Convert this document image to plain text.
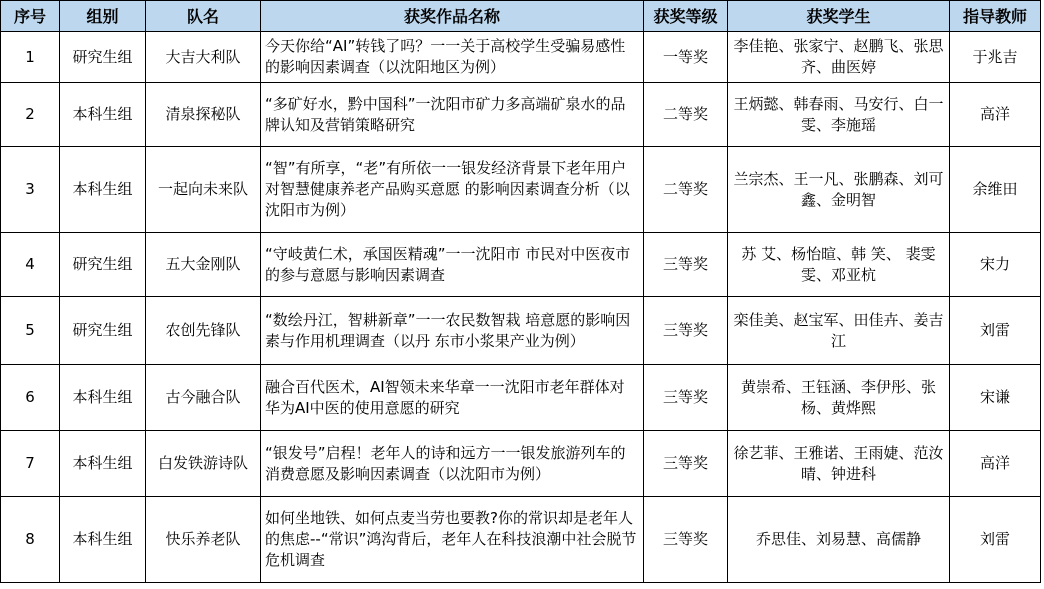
序号	组别	队名	获奖作品名称	获奖等级	获奖学生	指导教师
1	研究生组	大吉大利队	今天你给“AI”转钱了吗？一一关于高校学生受骗易感性的影响因素调查（以沈阳地区为例）	一等奖	李佳艳、张家宁、赵鹏飞、张思齐、曲医婷	于兆吉
2	本科生组	清泉探秘队	“多矿好水，黔中国科”一沈阳市矿力多高端矿泉水的品牌认知及营销策略研究	二等奖	王炳懿、韩春雨、马安行、白一雯、李施瑶	高洋
3	本科生组	一起向未来队	“智”有所享，“老”有所依一一银发经济背景下老年用户对智慧健康养老产品购买意愿 的影响因素调查分析（以沈阳市为例）	二等奖	兰宗杰、王一凡、张鹏森、刘可鑫、金明智	余维田
4	研究生组	五大金刚队	“守岐黄仁术，承国医精魂”一一沈阳市 市民对中医夜市的参与意愿与影响因素调查	三等奖	苏 艾、杨怡暄、韩 笑、 裴雯雯、邓亚杭	宋力
5	研究生组	农创先锋队	“数绘丹江，智耕新章”一一农民数智栽 培意愿的影响因素与作用机理调查（以丹 东市小浆果产业为例）	三等奖	栾佳美、赵宝军、田佳卉、姜吉江	刘雷
6	本科生组	古今融合队	融合百代医术，AI智领未来华章一一沈阳市老年群体对华为AI中医的使用意愿的研究	三等奖	黄崇希、王钰涵、李伊彤、张杨、黄烨熙	宋谦
7	本科生组	白发铁游诗队	“银发号”启程！老年人的诗和远方一一银发旅游列车的消费意愿及影响因素调查（以沈阳市为例）	三等奖	徐艺菲、王雅诺、王雨婕、范汝晴、钟进科	高洋
8	本科生组	快乐养老队	如何坐地铁、如何点麦当劳也要教?你的常识却是老年人的焦虑--“常识”鸿沟背后，老年人在科技浪潮中社会脱节危机调查	三等奖	乔思佳、刘易慧、高儒静	刘雷
